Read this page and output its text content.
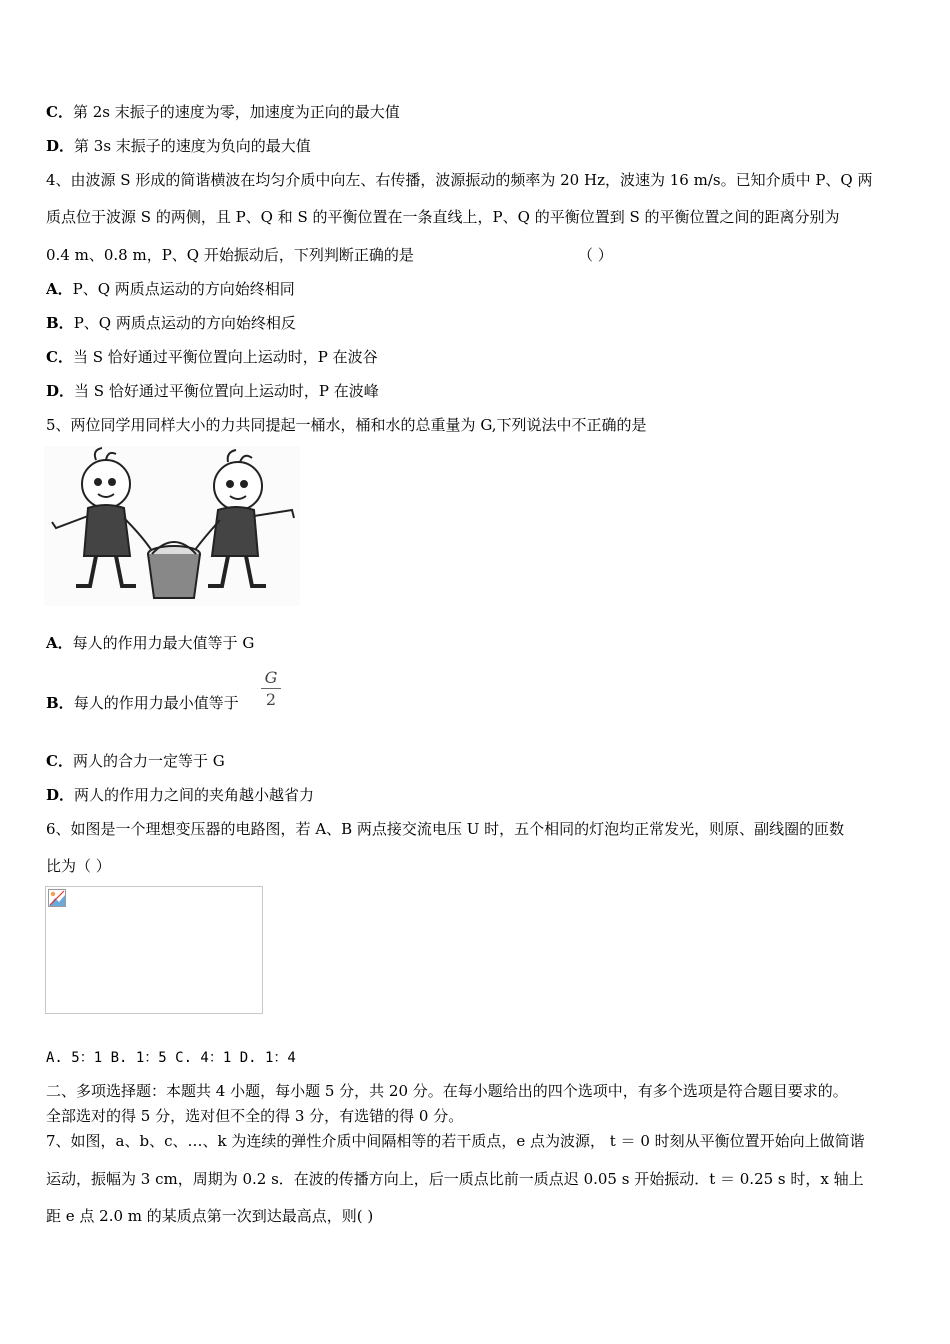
C．第 2s 末振子的速度为零，加速度为正向的最大值
D．第 3s 末振子的速度为负向的最大值
4、由波源 S 形成的简谐横波在均匀介质中向左、右传播，波源振动的频率为 20 Hz，波速为 16 m/s。已知介质中 P、Q 两
质点位于波源 S 的两侧，且 P、Q 和 S 的平衡位置在一条直线上，P、Q 的平衡位置到 S 的平衡位置之间的距离分别为
0.4 m、0.8 m，P、Q 开始振动后，下列判断正确的是	（ ）
A．P、Q 两质点运动的方向始终相同
B．P、Q 两质点运动的方向始终相反
C．当 S 恰好通过平衡位置向上运动时，P 在波谷
D．当 S 恰好通过平衡位置向上运动时，P 在波峰
5、两位同学用同样大小的力共同提起一桶水，桶和水的总重量为 G,下列说法中不正确的是
A．每人的作用力最大值等于 G
B．每人的作用力最小值等于 $\frac{G}{2}$
C．两人的合力一定等于 G
D．两人的作用力之间的夹角越小越省力
6、如图是一个理想变压器的电路图，若 A、B 两点接交流电压 U 时，五个相同的灯泡均正常发光，则原、副线圈的匝数
比为（ ）
A. 5：1 B. 1：5 C. 4：1 D. 1：4
二、多项选择题：本题共 4 小题，每小题 5 分，共 20 分。在每小题给出的四个选项中，有多个选项是符合题目要求的。
全部选对的得 5 分，选对但不全的得 3 分，有选错的得 0 分。
7、如图，a、b、c、…、k 为连续的弹性介质中间隔相等的若干质点，e 点为波源， t ＝ 0 时刻从平衡位置开始向上做简谐
运动，振幅为 3 cm，周期为 0.2 s．在波的传播方向上，后一质点比前一质点迟 0.05 s 开始振动．t ＝ 0.25 s 时，x 轴上
距 e 点 2.0 m 的某质点第一次到达最高点，则( )
